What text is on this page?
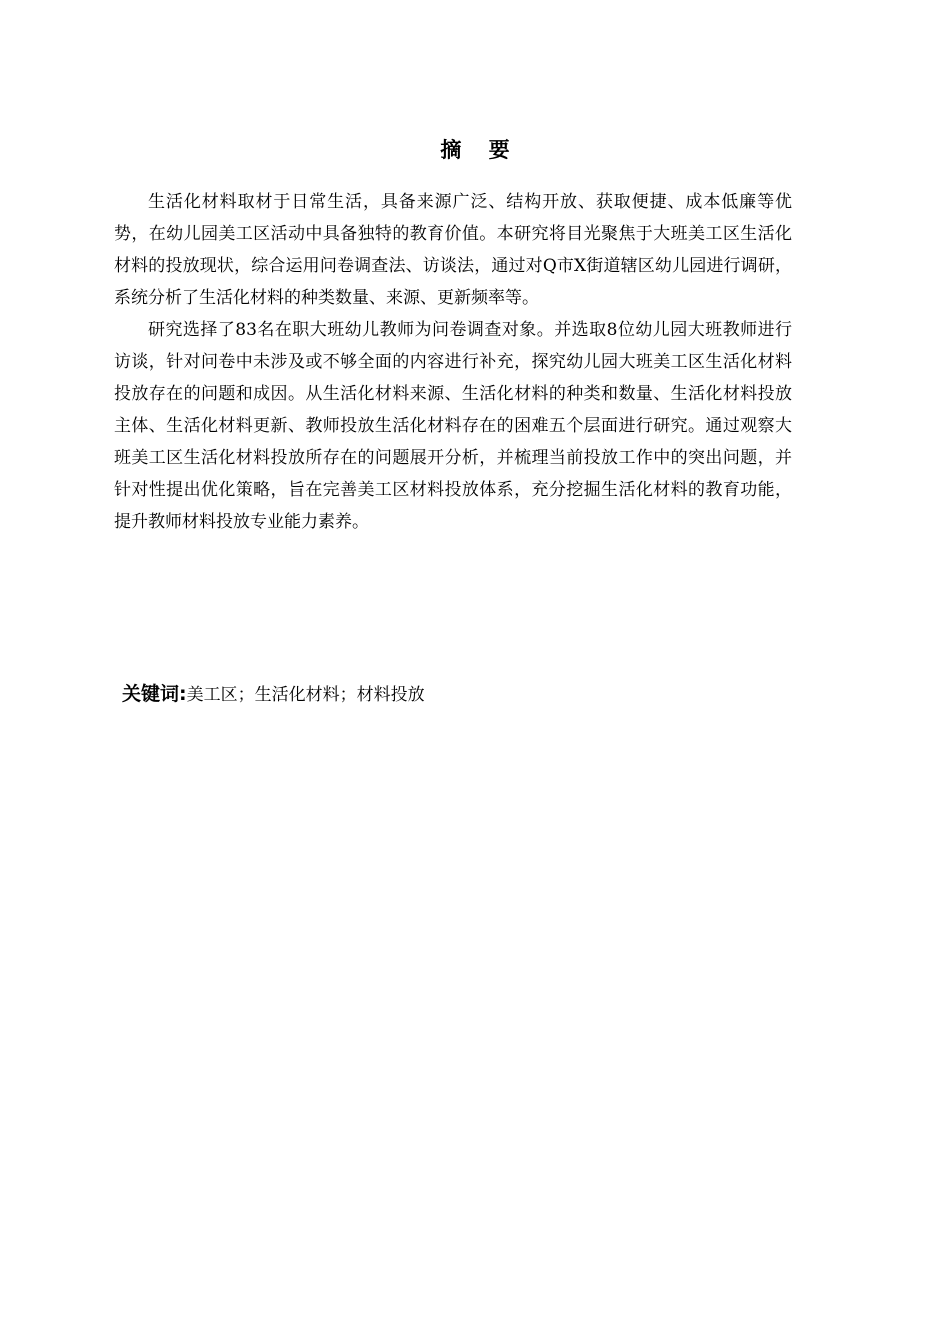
摘 要

生活化材料取材于日常生活，具备来源广泛、结构开放、获取便捷、成本低廉等优势，在幼儿园美工区活动中具备独特的教育价值。本研究将目光聚焦于大班美工区生活化材料的投放现状，综合运用问卷调查法、访谈法，通过对Q市X街道辖区幼儿园进行调研，系统分析了生活化材料的种类数量、来源、更新频率等。

研究选择了83名在职大班幼儿教师为问卷调查对象。并选取8位幼儿园大班教师进行访谈，针对问卷中未涉及或不够全面的内容进行补充，探究幼儿园大班美工区生活化材料投放存在的问题和成因。从生活化材料来源、生活化材料的种类和数量、生活化材料投放主体、生活化材料更新、教师投放生活化材料存在的困难五个层面进行研究。通过观察大班美工区生活化材料投放所存在的问题展开分析，并梳理当前投放工作中的突出问题，并针对性提出优化策略，旨在完善美工区材料投放体系，充分挖掘生活化材料的教育功能，提升教师材料投放专业能力素养。

关键词:美工区；生活化材料；材料投放
